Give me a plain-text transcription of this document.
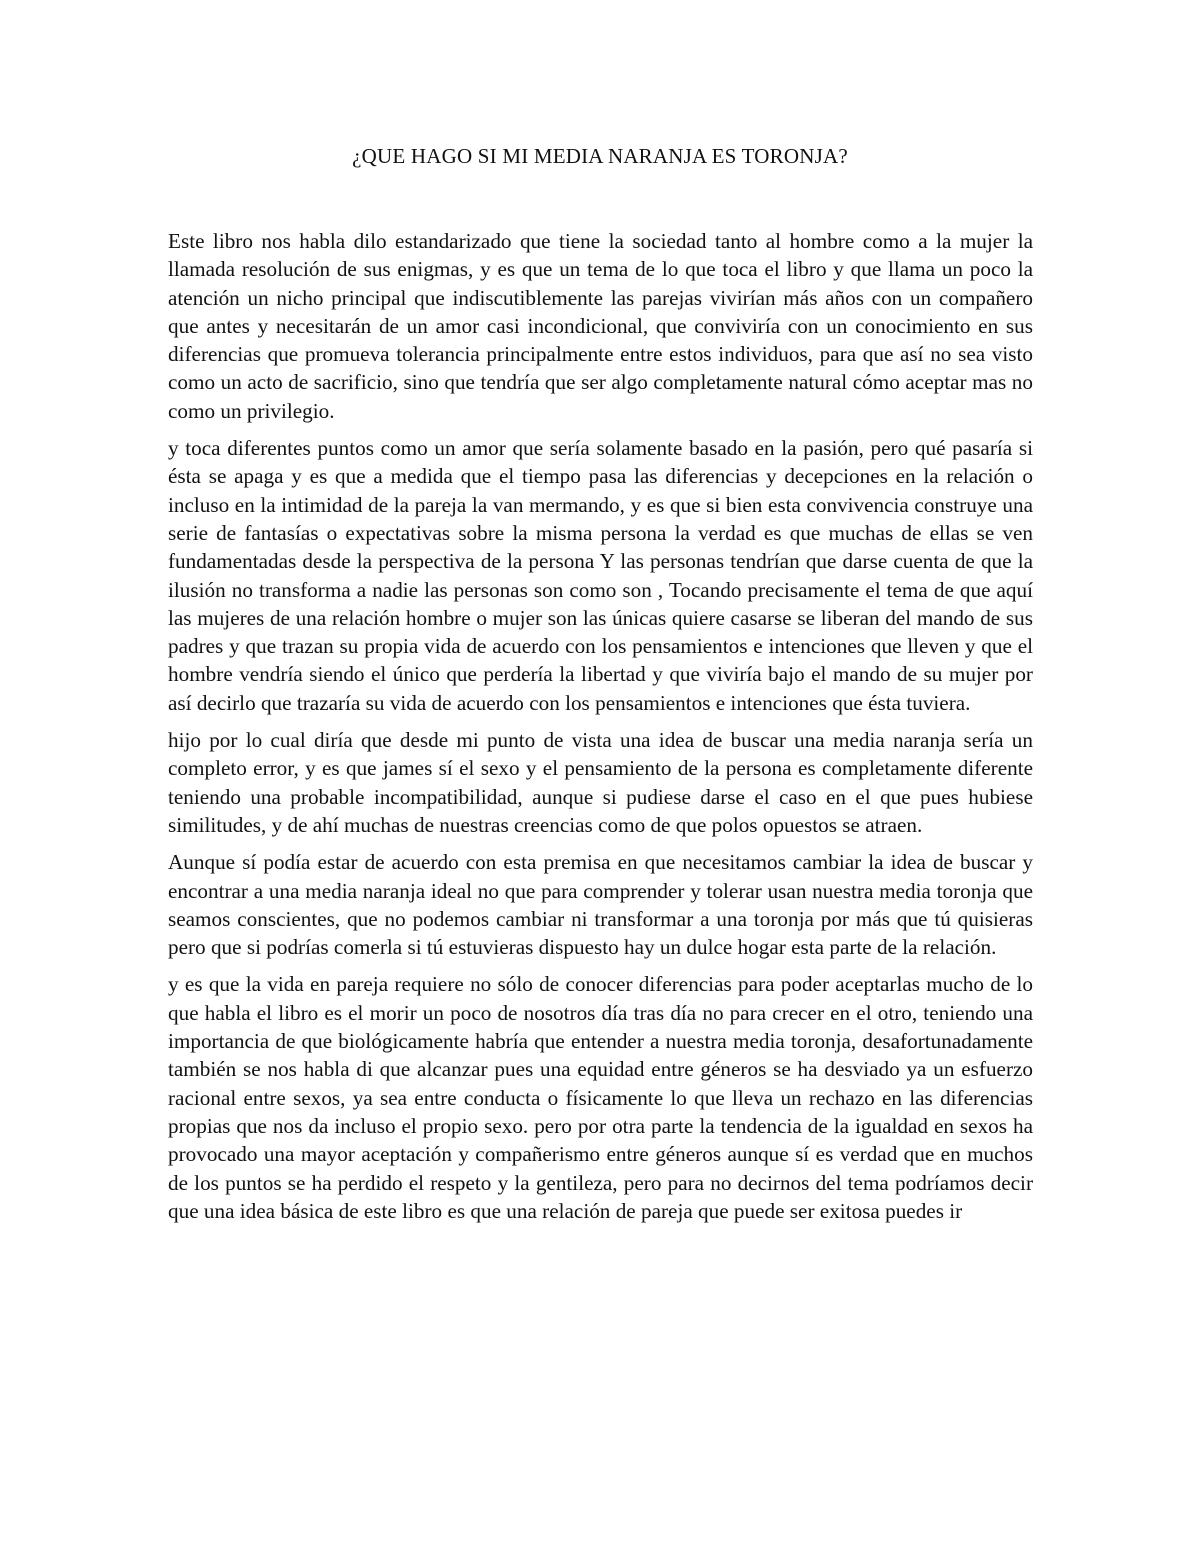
¿QUE HAGO SI MI MEDIA NARANJA ES TORONJA?

Este libro nos habla dilo estandarizado que tiene la sociedad tanto al hombre como a la mujer la llamada resolución de sus enigmas, y es que un tema de lo que toca el libro y que llama un poco la atención un nicho principal que indiscutiblemente las parejas vivirían más años con un compañero que antes y necesitarán de un amor casi incondicional, que conviviría con un conocimiento en sus diferencias que promueva tolerancia principalmente entre estos individuos, para que así no sea visto como un acto de sacrificio, sino que tendría que ser algo completamente natural cómo aceptar mas no como un privilegio.

y toca diferentes puntos como un amor que sería solamente basado en la pasión, pero qué pasaría si ésta se apaga y es que a medida que el tiempo pasa las diferencias y decepciones en la relación o incluso en la intimidad de la pareja la van mermando, y es que si bien esta convivencia construye una serie de fantasías o expectativas sobre la misma persona la verdad es que muchas de ellas se ven fundamentadas desde la perspectiva de la persona Y las personas tendrían que darse cuenta de que la ilusión no transforma a nadie las personas son como son , Tocando precisamente el tema de que aquí las mujeres de una relación hombre o mujer son las únicas quiere casarse se liberan del mando de sus padres y que trazan su propia vida de acuerdo con los pensamientos e intenciones que lleven y que el hombre vendría siendo el único que perdería la libertad y que viviría bajo el mando de su mujer por así decirlo que trazaría su vida de acuerdo con los pensamientos e intenciones que ésta tuviera.

hijo por lo cual diría que desde mi punto de vista una idea de buscar una media naranja sería un completo error, y es que james sí el sexo y el pensamiento de la persona es completamente diferente teniendo una probable incompatibilidad, aunque si pudiese darse el caso en el que pues hubiese similitudes, y de ahí muchas de nuestras creencias como de que polos opuestos se atraen.

Aunque sí podía estar de acuerdo con esta premisa en que necesitamos cambiar la idea de buscar y encontrar a una media naranja ideal no que para comprender y tolerar usan nuestra media toronja que seamos conscientes, que no podemos cambiar ni transformar a una toronja por más que tú quisieras pero que si podrías comerla si tú estuvieras dispuesto hay un dulce hogar esta parte de la relación.

y es que la vida en pareja requiere no sólo de conocer diferencias para poder aceptarlas mucho de lo que habla el libro es el morir un poco de nosotros día tras día no para crecer en el otro, teniendo una importancia de que biológicamente habría que entender a nuestra media toronja, desafortunadamente también se nos habla di que alcanzar pues una equidad entre géneros se ha desviado ya un esfuerzo racional entre sexos, ya sea entre conducta o físicamente lo que lleva un rechazo en las diferencias propias que nos da incluso el propio sexo. pero por otra parte la tendencia de la igualdad en sexos ha provocado una mayor aceptación y compañerismo entre géneros aunque sí es verdad que en muchos de los puntos se ha perdido el respeto y la gentileza, pero para no decirnos del tema podríamos decir que una idea básica de este libro es que una relación de pareja que puede ser exitosa puedes ir
